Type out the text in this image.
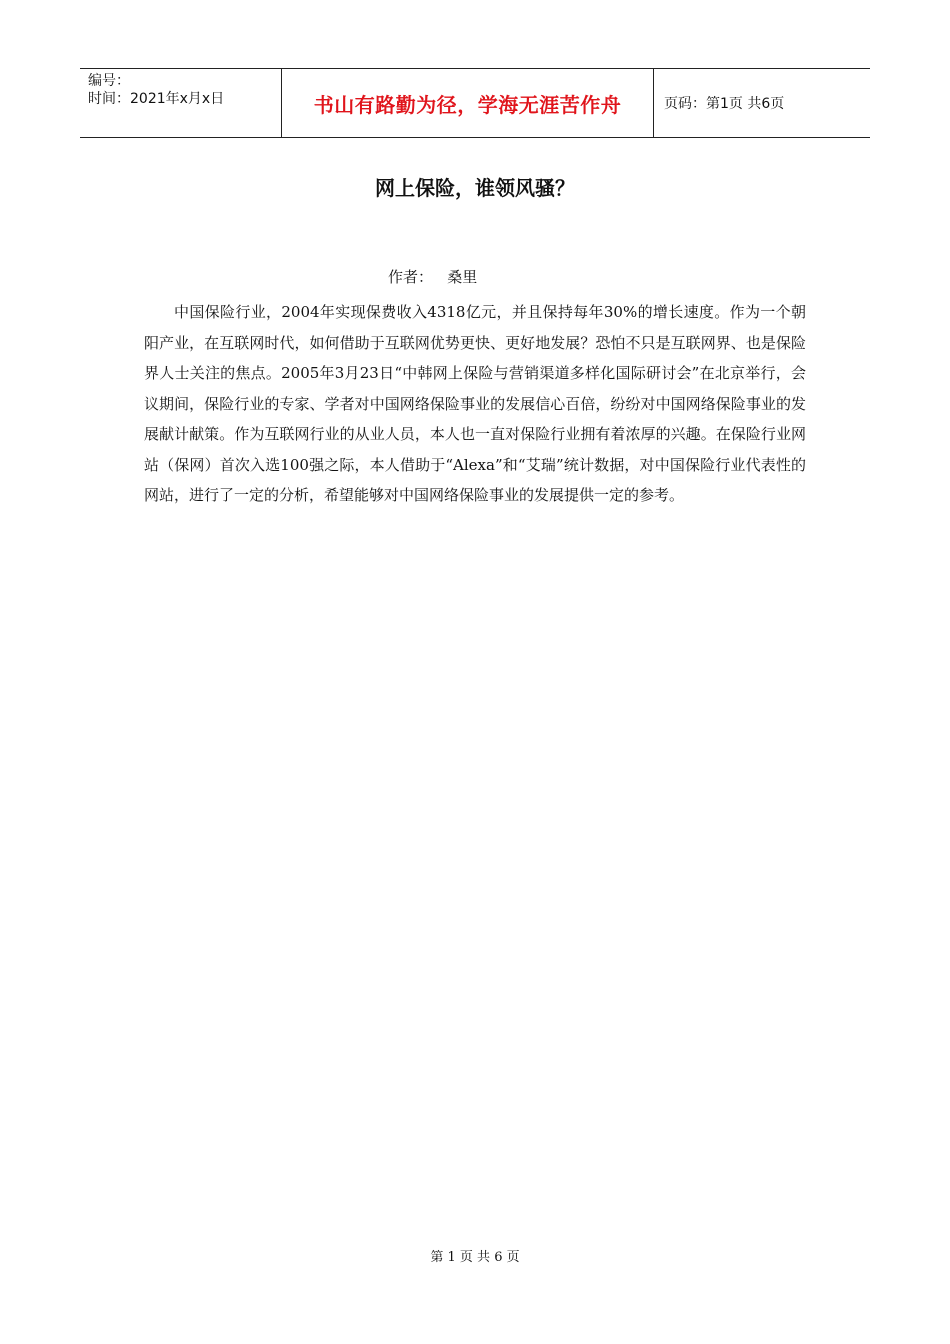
编号：
时间：2021年x月x日	书山有路勤为径，学海无涯苦作舟	页码：第1页 共6页
网上保险，谁领风骚？
作者：   桑里
中国保险行业，2004年实现保费收入4318亿元，并且保持每年30%的增长速度。作为一个朝阳产业，在互联网时代，如何借助于互联网优势更快、更好地发展？恐怕不只是互联网界、也是保险界人士关注的焦点。2005年3月23日“中韩网上保险与营销渠道多样化国际研讨会”在北京举行，会议期间，保险行业的专家、学者对中国网络保险事业的发展信心百倍，纷纷对中国网络保险事业的发展献计献策。作为互联网行业的从业人员，本人也一直对保险行业拥有着浓厚的兴趣。在保险行业网站（保网）首次入选100强之际，本人借助于“Alexa”和“艾瑞”统计数据，对中国保险行业代表性的网站，进行了一定的分析，希望能够对中国网络保险事业的发展提供一定的参考。
第 1 页 共 6 页
